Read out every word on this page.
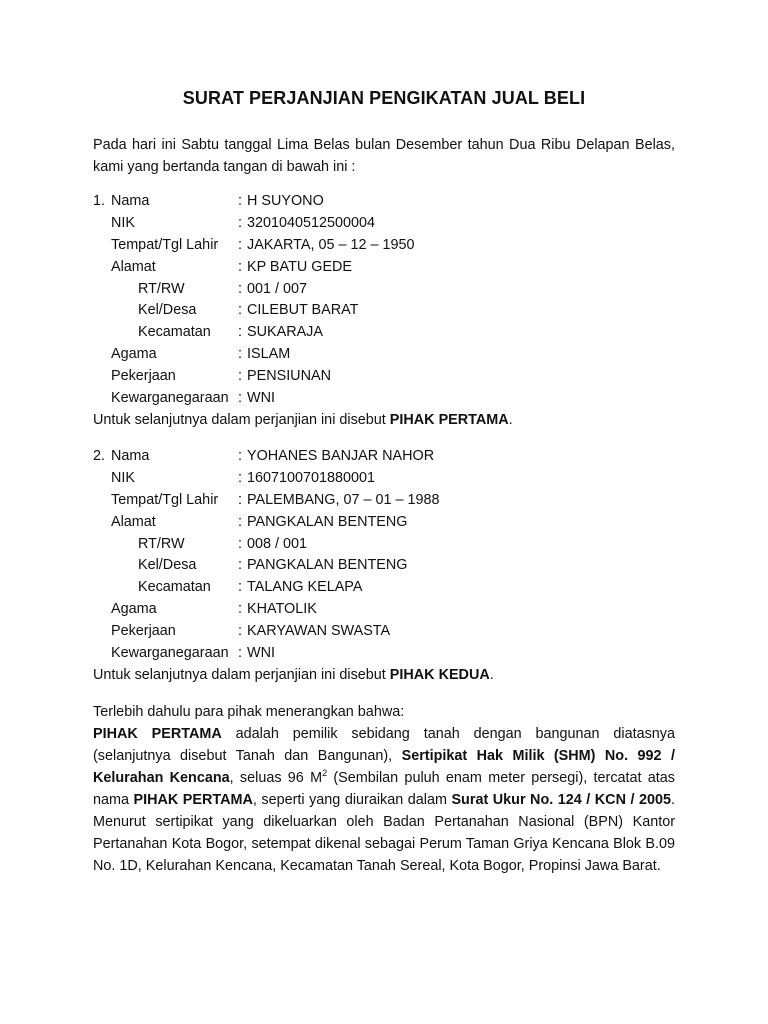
SURAT PERJANJIAN PENGIKATAN JUAL BELI
Pada hari ini Sabtu tanggal Lima Belas bulan Desember tahun Dua Ribu Delapan Belas, kami yang bertanda tangan di bawah ini :
1. Nama	: H SUYONO
NIK	: 3201040512500004
Tempat/Tgl Lahir : JAKARTA, 05 – 12 – 1950
Alamat	: KP BATU GEDE
RT/RW	: 001 / 007
Kel/Desa	: CILEBUT BARAT
Kecamatan : SUKARAJA
Agama	: ISLAM
Pekerjaan	: PENSIUNAN
Kewarganegaraan : WNI
Untuk selanjutnya dalam perjanjian ini disebut PIHAK PERTAMA.
2. Nama	: YOHANES BANJAR NAHOR
NIK	: 1607100701880001
Tempat/Tgl Lahir : PALEMBANG, 07 – 01 – 1988
Alamat	: PANGKALAN BENTENG
RT/RW	: 008 / 001
Kel/Desa	: PANGKALAN BENTENG
Kecamatan : TALANG KELAPA
Agama	: KHATOLIK
Pekerjaan	: KARYAWAN SWASTA
Kewarganegaraan : WNI
Untuk selanjutnya dalam perjanjian ini disebut PIHAK KEDUA.
Terlebih dahulu para pihak menerangkan bahwa:
PIHAK PERTAMA adalah pemilik sebidang tanah dengan bangunan diatasnya (selanjutnya disebut Tanah dan Bangunan), Sertipikat Hak Milik (SHM) No. 992 / Kelurahan Kencana, seluas 96 $M^2$ (Sembilan puluh enam meter persegi), tercatat atas nama PIHAK PERTAMA, seperti yang diuraikan dalam Surat Ukur No. 124 / KCN / 2005. Menurut sertipikat yang dikeluarkan oleh Badan Pertanahan Nasional (BPN) Kantor Pertanahan Kota Bogor, setempat dikenal sebagai Perum Taman Griya Kencana Blok B.09 No. 1D, Kelurahan Kencana, Kecamatan Tanah Sereal, Kota Bogor, Propinsi Jawa Barat.
